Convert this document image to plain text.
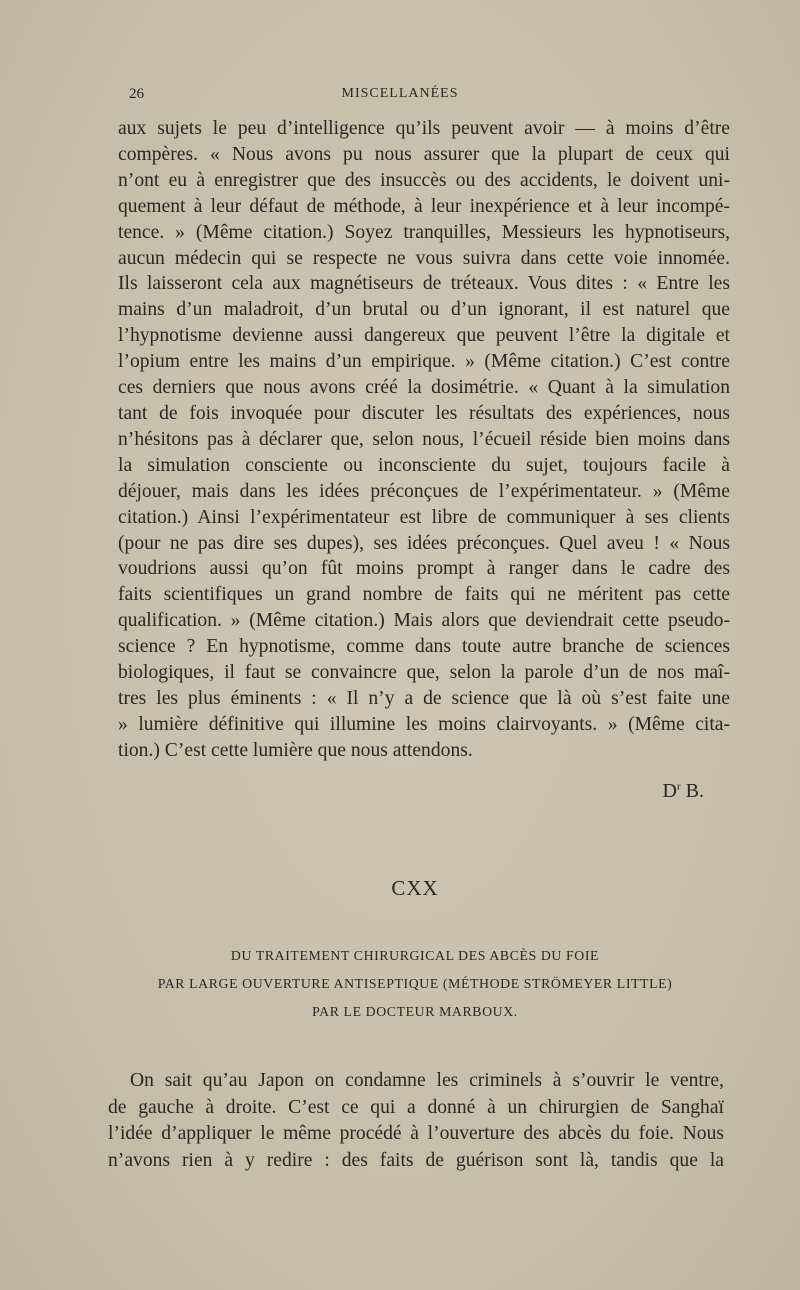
26	MISCELLANÉES
aux sujets le peu d’intelligence qu’ils peuvent avoir — à moins d’être
compères. « Nous avons pu nous assurer que la plupart de ceux qui
n’ont eu à enregistrer que des insuccès ou des accidents, le doivent uni-
quement à leur défaut de méthode, à leur inexpérience et à leur incompé-
tence. » (Même citation.) Soyez tranquilles, Messieurs les hypnotiseurs,
aucun médecin qui se respecte ne vous suivra dans cette voie innomée.
Ils laisseront cela aux magnétiseurs de tréteaux. Vous dites : « Entre les
mains d’un maladroit, d’un brutal ou d’un ignorant, il est naturel que
l’hypnotisme devienne aussi dangereux que peuvent l’être la digitale et
l’opium entre les mains d’un empirique. » (Même citation.) C’est contre
ces derniers que nous avons créé la dosimétrie. « Quant à la simulation
tant de fois invoquée pour discuter les résultats des expériences, nous
n’hésitons pas à déclarer que, selon nous, l’écueil réside bien moins dans
la simulation consciente ou inconsciente du sujet, toujours facile à
déjouer, mais dans les idées préconçues de l’expérimentateur. » (Même
citation.) Ainsi l’expérimentateur est libre de communiquer à ses clients
(pour ne pas dire ses dupes), ses idées préconçues. Quel aveu ! « Nous
voudrions aussi qu’on fût moins prompt à ranger dans le cadre des
faits scientifiques un grand nombre de faits qui ne méritent pas cette
qualification. » (Même citation.) Mais alors que deviendrait cette pseudo-
science ? En hypnotisme, comme dans toute autre branche de sciences
biologiques, il faut se convaincre que, selon la parole d’un de nos maî-
tres les plus éminents : « Il n’y a de science que là où s’est faite une
» lumière définitive qui illumine les moins clairvoyants. » (Même cita-
tion.) C’est cette lumière que nous attendons.
$D^r$ B.
CXX
DU TRAITEMENT CHIRURGICAL DES ABCÈS DU FOIE
PAR LARGE OUVERTURE ANTISEPTIQUE (MÉTHODE STRÖMEYER LITTLE)
PAR LE DOCTEUR MARBOUX.
On sait qu’au Japon on condamne les criminels à s’ouvrir le ventre,
de gauche à droite. C’est ce qui a donné à un chirurgien de Sanghaï
l’idée d’appliquer le même procédé à l’ouverture des abcès du foie. Nous
n’avons rien à y redire : des faits de guérison sont là, tandis que la
